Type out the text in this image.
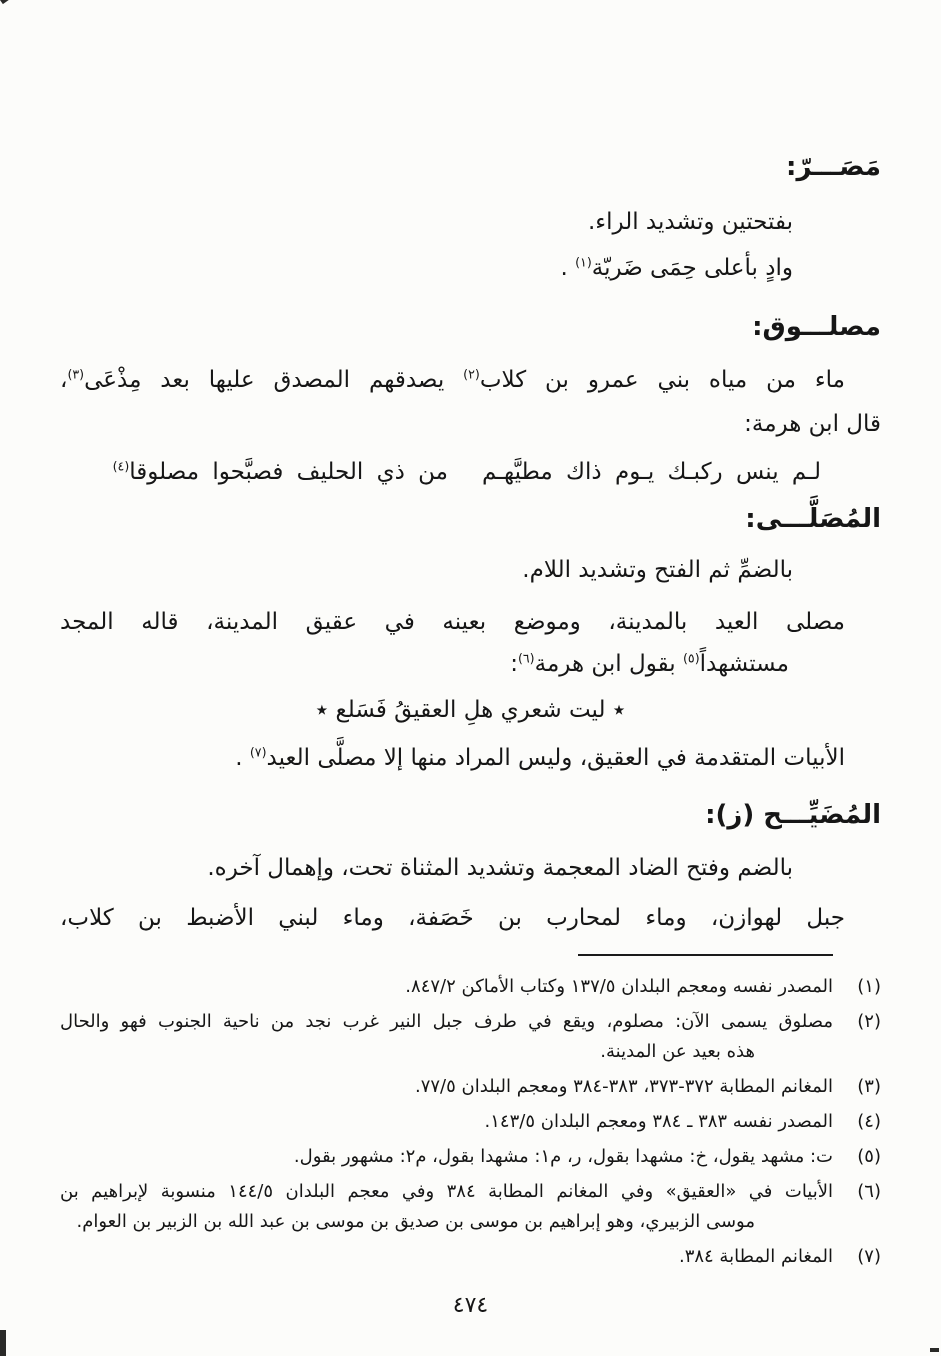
مَصَـــرّ:
بفتحتين وتشديد الراء.
وادٍ بأعلى حِمَى ضَريّة$^{(١)}$ .
مصلـــوق:
ماء من مياه بني عمرو بن كلاب$^{(٢)}$ يصدقهم المصدق عليها بعد مِذْعَى$^{(٣)}$،
قال ابن هرمة:
لـم ينس ركبـك يـوم ذاك مطيَّهـم
من ذي الحليف فصبَّحوا مصلوقا$^{(٤)}$
المُصَلَّـــى:
بالضمِّ ثم الفتح وتشديد اللام.
مصلى العيد بالمدينة، وموضع بعينه في عقيق المدينة، قاله المجد
مستشهداً$^{(٥)}$ بقول ابن هرمة$^{(٦)}$:
٭ ليت شعري هلِ العقيقُ فَسَلع ٭
الأبيات المتقدمة في العقيق، وليس المراد منها إلا مصلَّى العيد$^{(٧)}$ .
المُضَيِّـــح (ز):
بالضم وفتح الضاد المعجمة وتشديد المثناة تحت، وإهمال آخره.
جبل لهوازن، وماء لمحارب بن خَصَفة، وماء لبني الأضبط بن كلاب،
(١)
المصدر نفسه ومعجم البلدان ١٣٧/٥ وكتاب الأماكن ٨٤٧/٢.
(٢)
مصلوق يسمى الآن: مصلوم، ويقع في طرف جبل النير غرب نجد من ناحية الجنوب فهو والحال
هذه بعيد عن المدينة.
(٣)
المغانم المطابة ٣٧٢-٣٧٣، ٣٨٣-٣٨٤ ومعجم البلدان ٧٧/٥.
(٤)
المصدر نفسه ٣٨٣ ـ ٣٨٤ ومعجم البلدان ١٤٣/٥.
(٥)
ت: مشهد يقول، خ: مشهدا بقول، ر، م١: مشهدا بقول، م٢: مشهور بقول.
(٦)
الأبيات في «العقيق» وفي المغانم المطابة ٣٨٤ وفي معجم البلدان ١٤٤/٥ منسوبة لإبراهيم بن
موسى الزبيري، وهو إبراهيم بن موسى بن صديق بن موسى بن عبد الله بن الزبير بن العوام.
(٧)
المغانم المطابة ٣٨٤.
٤٧٤
